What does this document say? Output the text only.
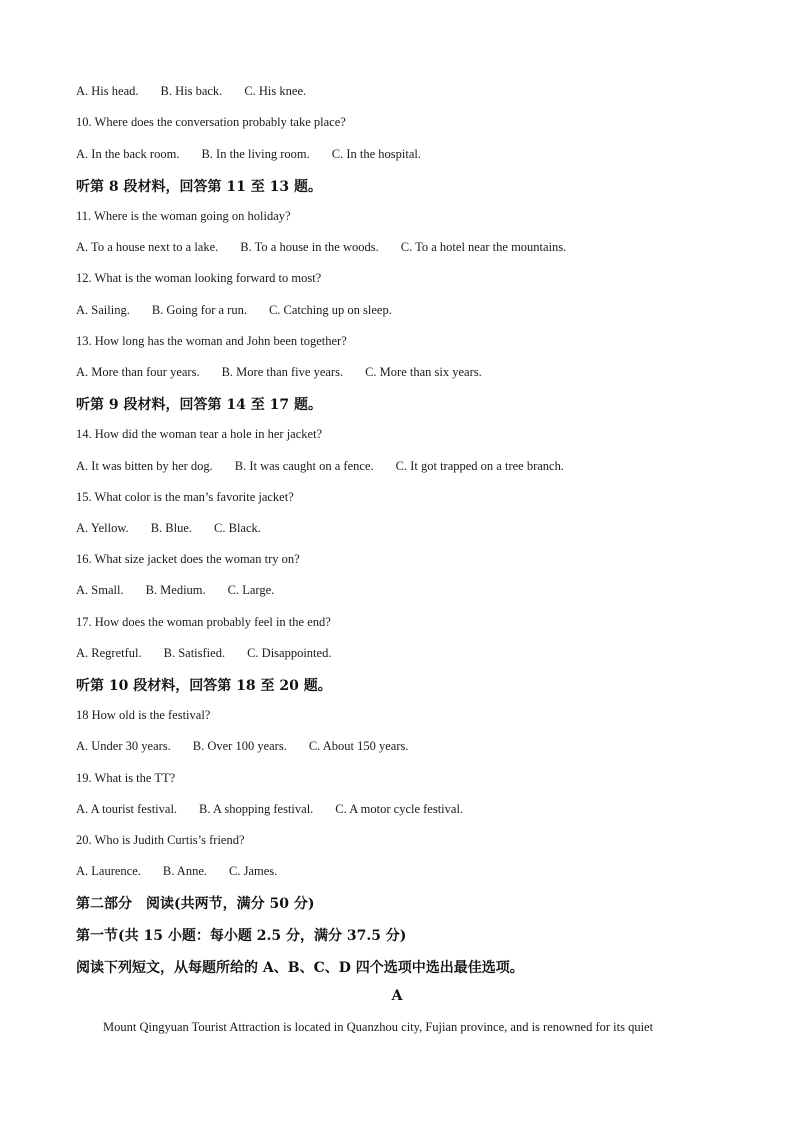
A. His head. B. His back. C. His knee.
10. Where does the conversation probably take place?
A. In the back room. B. In the living room. C. In the hospital.
听第 8 段材料，回答第 11 至 13 题。
11. Where is the woman going on holiday?
A. To a house next to a lake. B. To a house in the woods. C. To a hotel near the mountains.
12. What is the woman looking forward to most?
A. Sailing. B. Going for a run. C. Catching up on sleep.
13. How long has the woman and John been together?
A. More than four years. B. More than five years. C. More than six years.
听第 9 段材料，回答第 14 至 17 题。
14. How did the woman tear a hole in her jacket?
A. It was bitten by her dog. B. It was caught on a fence. C. It got trapped on a tree branch.
15. What color is the man’s favorite jacket?
A. Yellow. B. Blue. C. Black.
16. What size jacket does the woman try on?
A. Small. B. Medium. C. Large.
17. How does the woman probably feel in the end?
A. Regretful. B. Satisfied. C. Disappointed.
听第 10 段材料，回答第 18 至 20 题。
18 How old is the festival?
A. Under 30 years. B. Over 100 years. C. About 150 years.
19. What is the TT?
A. A tourist festival. B. A shopping festival. C. A motor cycle festival.
20. Who is Judith Curtis’s friend?
A. Laurence. B. Anne. C. James.
第二部分　阅读(共两节，满分 50 分)
第一节(共 15 小题：每小题 2.5 分，满分 37.5 分)
阅读下列短文，从每题所给的 A、B、C、D 四个选项中选出最佳选项。
A
Mount Qingyuan Tourist Attraction is located in Quanzhou city, Fujian province, and is renowned for its quiet
